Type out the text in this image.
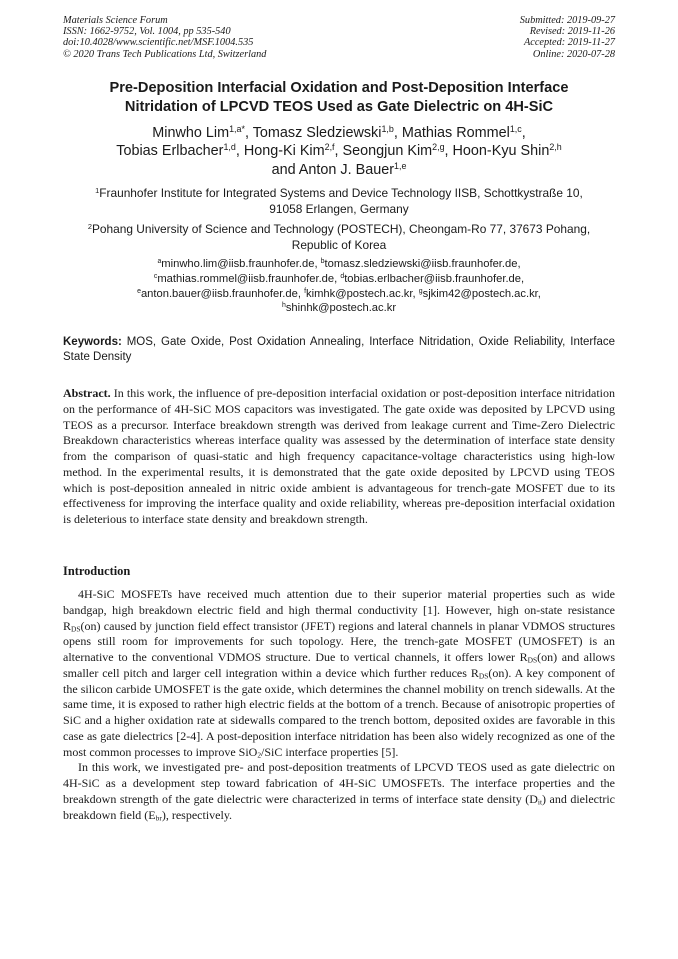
Materials Science Forum
ISSN: 1662-9752, Vol. 1004, pp 535-540
doi:10.4028/www.scientific.net/MSF.1004.535
© 2020 Trans Tech Publications Ltd, Switzerland
Submitted: 2019-09-27
Revised: 2019-11-26
Accepted: 2019-11-27
Online: 2020-07-28
Pre-Deposition Interfacial Oxidation and Post-Deposition Interface
Nitridation of LPCVD TEOS Used as Gate Dielectric on 4H-SiC
Minwho Lim$^{1,a*}$, Tomasz Sledziewski$^{1,b}$, Mathias Rommel$^{1,c}$,
Tobias Erlbacher$^{1,d}$, Hong-Ki Kim$^{2,f}$, Seongjun Kim$^{2,g}$, Hoon-Kyu Shin$^{2,h}$
and Anton J. Bauer$^{1,e}$
$^1$Fraunhofer Institute for Integrated Systems and Device Technology IISB, Schottkystraße 10,
91058 Erlangen, Germany
$^2$Pohang University of Science and Technology (POSTECH), Cheongam-Ro 77, 37673 Pohang,
Republic of Korea
$^a$minwho.lim@iisb.fraunhofer.de, $^b$tomasz.sledziewski@iisb.fraunhofer.de,
$^c$mathias.rommel@iisb.fraunhofer.de, $^d$tobias.erlbacher@iisb.fraunhofer.de,
$^e$anton.bauer@iisb.fraunhofer.de, $^f$kimhk@postech.ac.kr, $^g$sjkim42@postech.ac.kr,
$^h$shinhk@postech.ac.kr
Keywords: MOS, Gate Oxide, Post Oxidation Annealing, Interface Nitridation, Oxide Reliability, Interface State Density
Abstract. In this work, the influence of pre-deposition interfacial oxidation or post-deposition interface nitridation on the performance of 4H-SiC MOS capacitors was investigated. The gate oxide was deposited by LPCVD using TEOS as a precursor. Interface breakdown strength was derived from leakage current and Time-Zero Dielectric Breakdown characteristics whereas interface quality was assessed by the determination of interface state density from the comparison of quasi-static and high frequency capacitance-voltage characteristics using high-low method. In the experimental results, it is demonstrated that the gate oxide deposited by LPCVD using TEOS which is post-deposition annealed in nitric oxide ambient is advantageous for trench-gate MOSFET due to its effectiveness for improving the interface quality and oxide reliability, whereas pre-deposition interfacial oxidation is deleterious to interface state density and breakdown strength.
Introduction

4H-SiC MOSFETs have received much attention due to their superior material properties such as wide bandgap, high breakdown electric field and high thermal conductivity [1]. However, high on-state resistance $R_{DS}(on)$ caused by junction field effect transistor (JFET) regions and lateral channels in planar VDMOS structures opens still room for improvements for such topology. Here, the trench-gate MOSFET (UMOSFET) is an alternative to the conventional VDMOS structure. Due to vertical channels, it offers lower $R_{DS}(on)$ and allows smaller cell pitch and larger cell integration within a device which further reduces $R_{DS}(on)$. A key component of the silicon carbide UMOSFET is the gate oxide, which determines the channel mobility on trench sidewalls. At the same time, it is exposed to rather high electric fields at the bottom of a trench. Because of anisotropic properties of SiC and a higher oxidation rate at sidewalls compared to the trench bottom, deposited oxides are favorable in this case as gate dielectrics [2-4]. A post-deposition interface nitridation has been also widely recognized as one of the most common processes to improve SiO$_2$/SiC interface properties [5].

In this work, we investigated pre- and post-deposition treatments of LPCVD TEOS used as gate dielectric on 4H-SiC as a development step toward fabrication of 4H-SiC UMOSFETs. The interface properties and the breakdown strength of the gate dielectric were characterized in terms of interface state density $(D_{it})$ and dielectric breakdown field $(E_{br})$, respectively.
